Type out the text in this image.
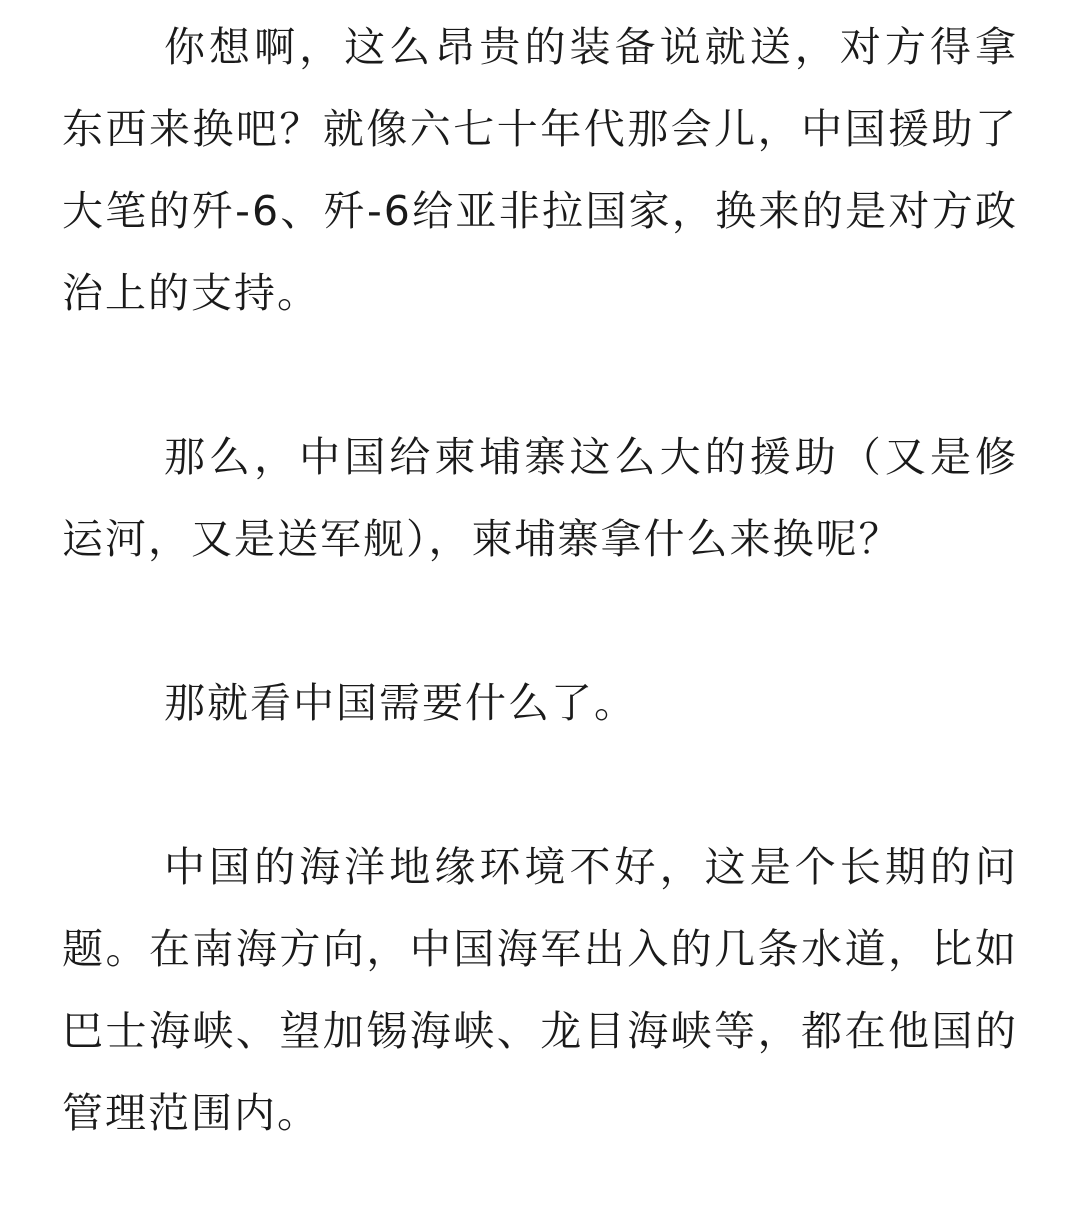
你想啊，这么昂贵的装备说就送，对方得拿东西来换吧？就像六七十年代那会儿，中国援助了大笔的歼-6、歼-6给亚非拉国家，换来的是对方政治上的支持。

那么，中国给柬埔寨这么大的援助（又是修运河，又是送军舰），柬埔寨拿什么来换呢？

那就看中国需要什么了。

中国的海洋地缘环境不好，这是个长期的问题。在南海方向，中国海军出入的几条水道，比如巴士海峡、望加锡海峡、龙目海峡等，都在他国的管理范围内。
